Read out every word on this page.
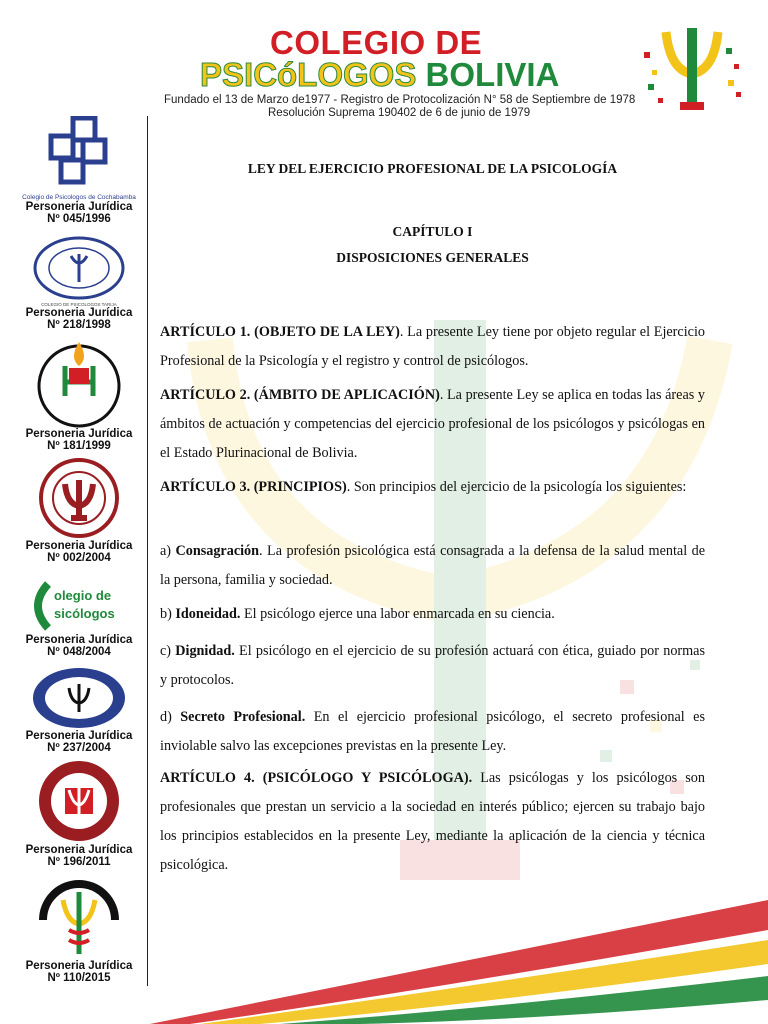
COLEGIO DE
PSICóLOGOS BOLIVIA
Fundado el 13 de Marzo de1977 - Registro de Protocolización N° 58 de Septiembre de 1978
Resolución Suprema 190402 de 6 de junio de 1979
Colegio de Psicologos de Cochabamba
Personeria Jurídica
Nº 045/1996
COLEGIO DE PSICOLOGOS TARIJA
Personeria Jurídica
Nº 218/1998
Personeria Jurídica
Nº 181/1999
Personeria Jurídica
Nº 002/2004
olegio de
sicólogos
Personeria Jurídica
Nº 048/2004
Personeria Jurídica
Nº 237/2004
Personeria Jurídica
Nº 196/2011
Personeria Jurídica
Nº 110/2015
LEY DEL EJERCICIO PROFESIONAL DE LA PSICOLOGÍA
CAPÍTULO I
DISPOSICIONES GENERALES
ARTÍCULO 1. (OBJETO DE LA LEY). La presente Ley tiene por objeto regular el Ejercicio Profesional de la Psicología y el registro y control de psicólogos.
ARTÍCULO 2. (ÁMBITO DE APLICACIÓN). La presente Ley se aplica en todas las áreas y ámbitos de actuación y competencias del ejercicio profesional de los psicólogos y psicólogas en el Estado Plurinacional de Bolivia.
ARTÍCULO 3. (PRINCIPIOS). Son principios del ejercicio de la psicología los siguientes:
a) Consagración. La profesión psicológica está consagrada a la defensa de la salud mental de la persona, familia y sociedad.
b) Idoneidad. El psicólogo ejerce una labor enmarcada en su ciencia.
c) Dignidad. El psicólogo en el ejercicio de su profesión actuará con ética, guiado por normas y protocolos.
d) Secreto Profesional. En el ejercicio profesional psicólogo, el secreto profesional es inviolable salvo las excepciones previstas en la presente Ley.
ARTÍCULO 4. (PSICÓLOGO Y PSICÓLOGA). Las psicólogas y los psicólogos son profesionales que prestan un servicio a la sociedad en interés público; ejercen su trabajo bajo los principios establecidos en la presente Ley, mediante la aplicación de la ciencia y técnica psicológica.
